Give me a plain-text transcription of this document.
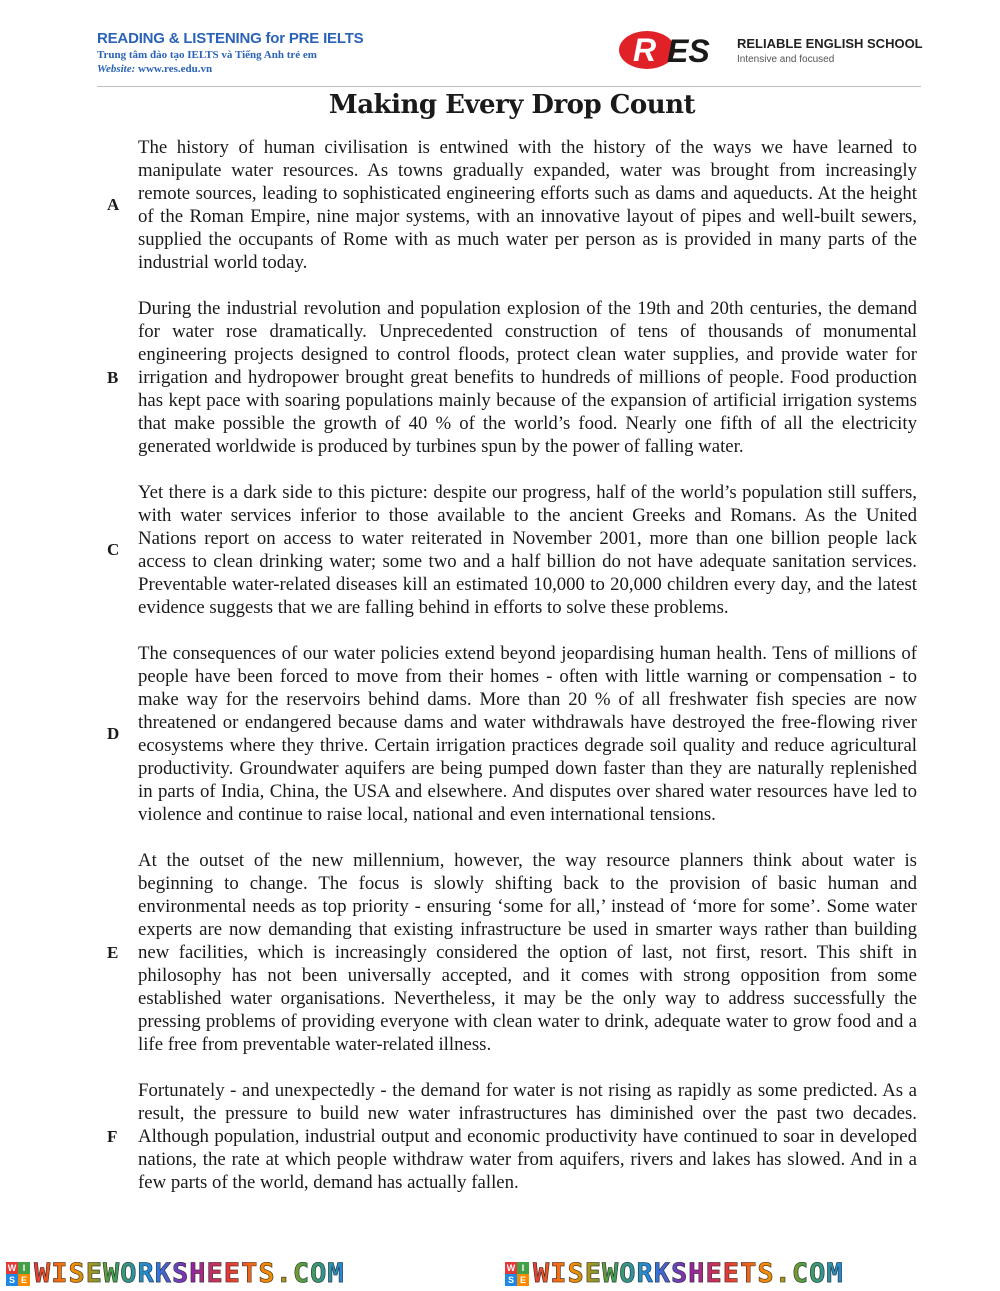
READING & LISTENING for PRE IELTS
Trung tâm đào tạo IELTS và Tiếng Anh trẻ em
Website: www.res.edu.vn
R ES RELIABLE ENGLISH SCHOOL
Intensive and focused
Making Every Drop Count
A
The history of human civilisation is entwined with the history of the ways we have learned to manipulate water resources. As towns gradually expanded, water was brought from increasingly remote sources, leading to sophisticated engineering efforts such as dams and aqueducts. At the height of the Roman Empire, nine major systems, with an innovative layout of pipes and well-built sewers, supplied the occupants of Rome with as much water per person as is provided in many parts of the industrial world today.
B
During the industrial revolution and population explosion of the 19th and 20th centuries, the demand for water rose dramatically. Unprecedented construction of tens of thousands of monumental engineering projects designed to control floods, protect clean water supplies, and provide water for irrigation and hydropower brought great benefits to hundreds of millions of people. Food production has kept pace with soaring populations mainly because of the expansion of artificial irrigation systems that make possible the growth of 40 % of the world’s food. Nearly one fifth of all the electricity generated worldwide is produced by turbines spun by the power of falling water.
C
Yet there is a dark side to this picture: despite our progress, half of the world’s population still suffers, with water services inferior to those available to the ancient Greeks and Romans. As the United Nations report on access to water reiterated in November 2001, more than one billion people lack access to clean drinking water; some two and a half billion do not have adequate sanitation services. Preventable water-related diseases kill an estimated 10,000 to 20,000 children every day, and the latest evidence suggests that we are falling behind in efforts to solve these problems.
D
The consequences of our water policies extend beyond jeopardising human health. Tens of millions of people have been forced to move from their homes - often with little warning or compensation - to make way for the reservoirs behind dams. More than 20 % of all freshwater fish species are now threatened or endangered because dams and water withdrawals have destroyed the free-flowing river ecosystems where they thrive. Certain irrigation practices degrade soil quality and reduce agricultural productivity. Groundwater aquifers are being pumped down faster than they are naturally replenished in parts of India, China, the USA and elsewhere. And disputes over shared water resources have led to violence and continue to raise local, national and even international tensions.
E
At the outset of the new millennium, however, the way resource planners think about water is beginning to change. The focus is slowly shifting back to the provision of basic human and environmental needs as top priority - ensuring ‘some for all,’ instead of ‘more for some’. Some water experts are now demanding that existing infrastructure be used in smarter ways rather than building new facilities, which is increasingly considered the option of last, not first, resort. This shift in philosophy has not been universally accepted, and it comes with strong opposition from some established water organisations. Nevertheless, it may be the only way to address successfully the pressing problems of providing everyone with clean water to drink, adequate water to grow food and a life free from preventable water-related illness.
F
Fortunately - and unexpectedly - the demand for water is not rising as rapidly as some predicted. As a result, the pressure to build new water infrastructures has diminished over the past two decades. Although population, industrial output and economic productivity have continued to soar in developed nations, the rate at which people withdraw water from aquifers, rivers and lakes has slowed. And in a few parts of the world, demand has actually fallen.
W I
S E WISEWORKSHEETS.COM	W I
S E WISEWORKSHEETS.COM
